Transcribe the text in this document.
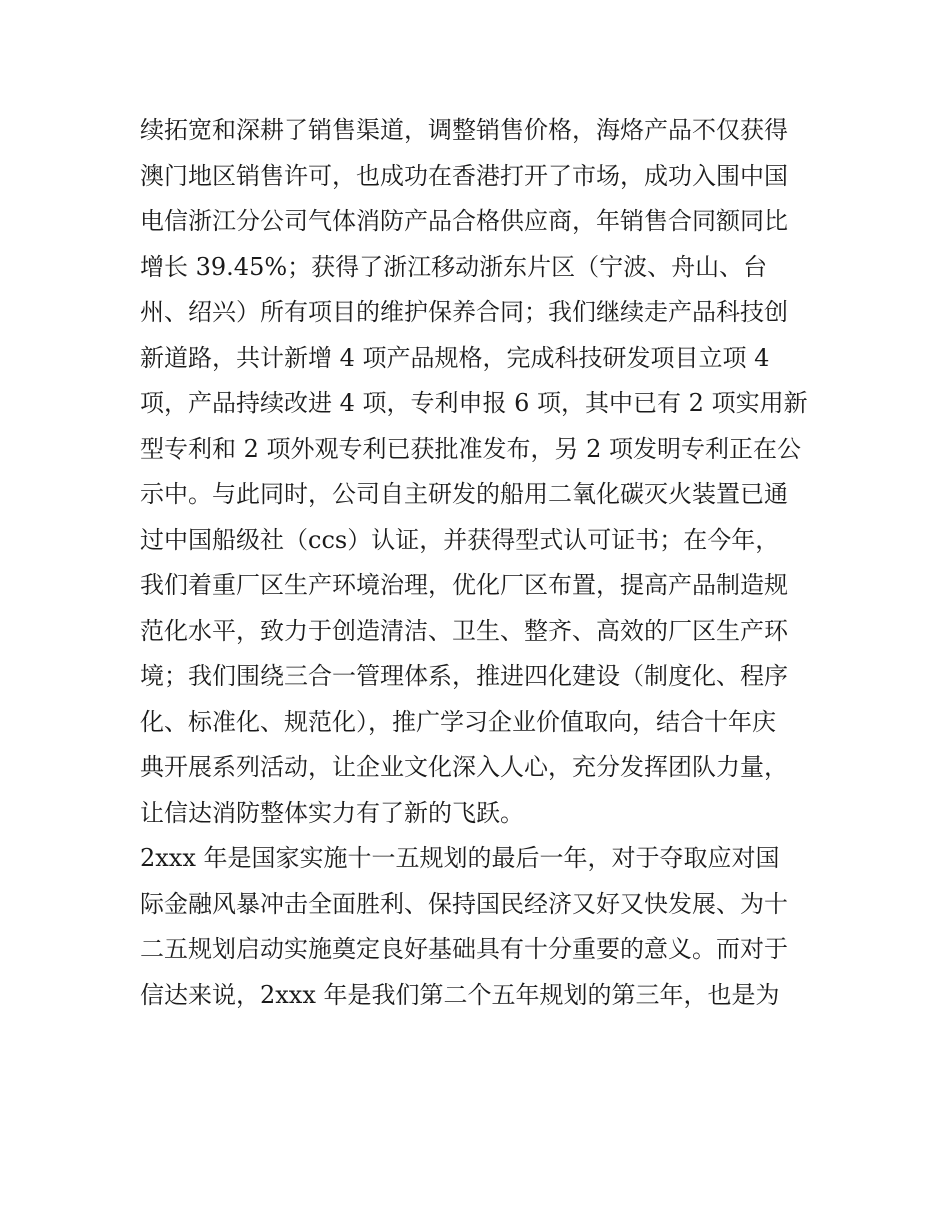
续拓宽和深耕了销售渠道，调整销售价格，海烙产品不仅获得
澳门地区销售许可，也成功在香港打开了市场，成功入围中国
电信浙江分公司气体消防产品合格供应商，年销售合同额同比
增长 39.45%；获得了浙江移动浙东片区（宁波、舟山、台
州、绍兴）所有项目的维护保养合同；我们继续走产品科技创
新道路，共计新增 4 项产品规格，完成科技研发项目立项 4
项，产品持续改进 4 项，专利申报 6 项，其中已有 2 项实用新
型专利和 2 项外观专利已获批准发布，另 2 项发明专利正在公
示中。与此同时，公司自主研发的船用二氧化碳灭火装置已通
过中国船级社（ccs）认证，并获得型式认可证书；在今年，
我们着重厂区生产环境治理，优化厂区布置，提高产品制造规
范化水平，致力于创造清洁、卫生、整齐、高效的厂区生产环
境；我们围绕三合一管理体系，推进四化建设（制度化、程序
化、标准化、规范化），推广学习企业价值取向，结合十年庆
典开展系列活动，让企业文化深入人心，充分发挥团队力量，
让信达消防整体实力有了新的飞跃。
2xxx 年是国家实施十一五规划的最后一年，对于夺取应对国
际金融风暴冲击全面胜利、保持国民经济又好又快发展、为十
二五规划启动实施奠定良好基础具有十分重要的意义。而对于
信达来说，2xxx 年是我们第二个五年规划的第三年，也是为
